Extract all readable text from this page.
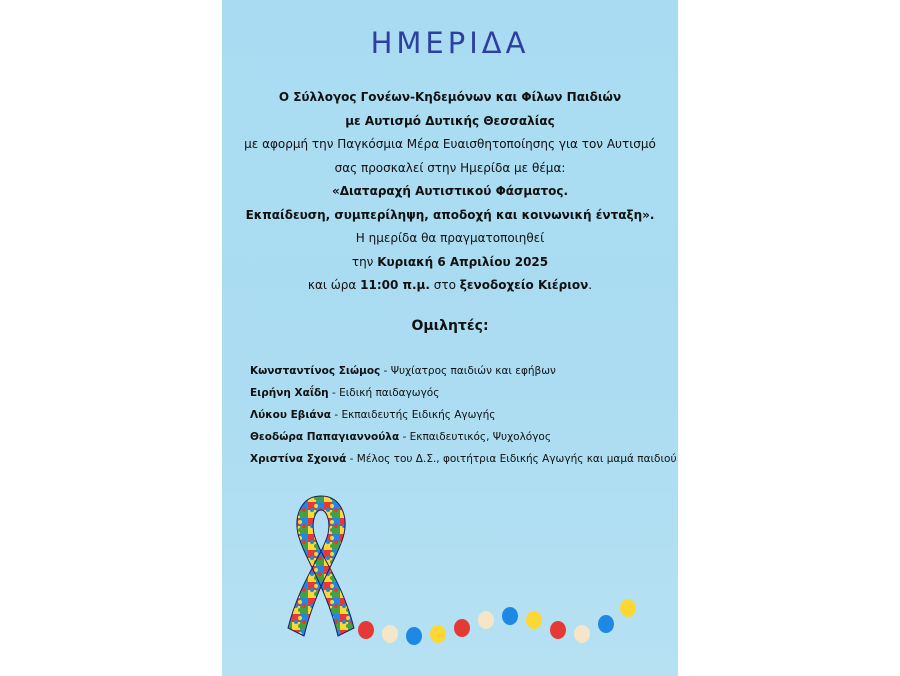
ΗΜΕΡΙΔΑ
Ο Σύλλογος Γονέων-Κηδεμόνων και Φίλων Παιδιών
με Αυτισμό Δυτικής Θεσσαλίας
με αφορμή την Παγκόσμια Μέρα Ευαισθητοποίησης για τον Αυτισμό
σας προσκαλεί στην Ημερίδα με θέμα:
«Διαταραχή Αυτιστικού Φάσματος.
Εκπαίδευση, συμπερίληψη, αποδοχή και κοινωνική ένταξη».
Η ημερίδα θα πραγματοποιηθεί
την Κυριακή 6 Απριλίου 2025
και ώρα 11:00 π.μ. στο ξενοδοχείο Κιέριον.
Ομιλητές:
Κωνσταντίνος Σιώμος - Ψυχίατρος παιδιών και εφήβων
Ειρήνη Χαΐδη - Ειδική παιδαγωγός
Λύκου Εβιάνα - Εκπαιδευτής Ειδικής Αγωγής
Θεοδώρα Παπαγιαννούλα - Εκπαιδευτικός, Ψυχολόγος
Χριστίνα Σχοινά - Μέλος του Δ.Σ., φοιτήτρια Ειδικής Αγωγής και μαμά παιδιού
